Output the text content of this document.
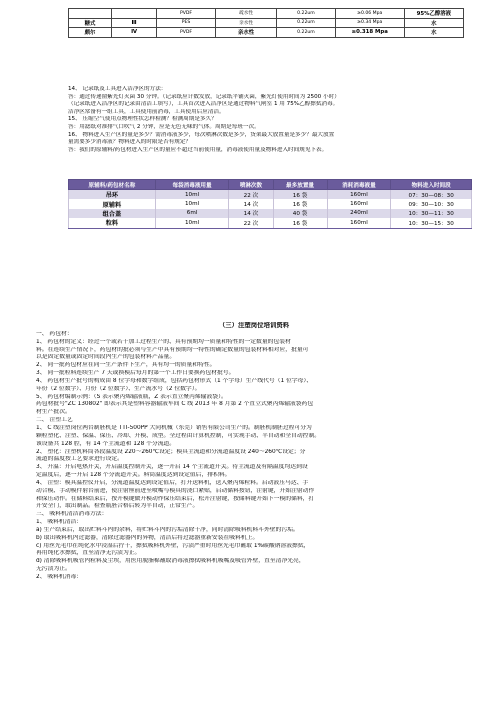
		PVDF	疏水性	0.22um	≥0.06 Mpa	95%乙醇溶液
糖式	Ⅲ	PES	亲水性	0.22um	≥0.34 Mpa	水
颇尔	Ⅳ	PVDF	亲水性	0.22um	≥0.318 Mpa	水
14、 记录纸及工具进入洁净区的方法：
答：通过传递窗紫光灯灭菌 30 分钟。（记录纸应计数发放，记录纸平铺灭菌，紫光灯使用时间为 2500 小时）
（记录纸进入洁净区的记录由清洁工填写），工具首次进入洁净区是通过物料气闸室 1 用 75%乙醇擦拭消毒。
洁净区常备有一组工具，工具使用前消毒，工具使用后应清洁。
15、 压缩空气使用点物理性状怎样检测？检测周期是多久？
答：用滤纸对准排气口吹气 2 分钟，应是无色无味的气体。周期是每班一次。
16、 物料进入生产区的量是多少？需消毒液多少，每次喷淋次数是多少，货架最大放置量是多少？最大放置
量需要多少消毒液？物料进入的时限是否有规定？
答：我们的原辅料/药包材进入生产区的量应不超过当前使用量，消毒液使用量及物料进入时间规见下表。
原辅料/药包材名称	每袋消毒液用量	喷淋次数	最多放置量	消耗消毒液量	物料进入时间段
吊环	10ml	22 次	16 袋	160ml	07：30—08：30
原辅料	10ml	14 次	16 袋	160ml	09：30—10：30
组合盖	6ml	14 次	40 袋	240ml	10：30—11：30
粒料	10ml	22 次	16 袋	160ml	10：30—15：30
（三）注塑岗位培训资料
一、 药包材：
1、 药包材的定义：经过一个或若干加工过程生产的、具有预期均一质量和特性的一定数量的包装材
料。在连续生产情况下，药包材的批必须与生产中具有预期均一特性的确定数量的包装材料相对应，批量可
以是固定数量或固定时间段内生产的包装材料产品量。
2、 同一批药包材应在同一生产条件下生产，具有均一的质量和特性。
3、 同一批粒料连续生产 7 天或换模后每月的第一个工作日要换药包材批号。
4、 药包材生产批号的构成由 8 位字母和数字组成，包括药包材形式（1 个字母）生产线代号（1 位字母）、
年份（2 位数字）、月份（2 位数字）、生产流水号（2 位数字）。
5、 药包材编制示例：（S 表示聚丙烯输液瓶，Z 表示直立聚丙烯输液袋）。
药包材批号"ZC 130802" 即表示其是塑料容器输液车间 C 线 2013 年 8 月第 2 个直立式聚丙烯输液袋药包
材生产批次。
二、 注塑工艺
1、 C 线注塑岗位两台制胚机是 TTI-500PP 大同机械（东莞）销售有限公司生产的。制胚机制胚过程可分为
颗粒塑化、注塑、保温、保压、冷却、开模、成型。全过程由计算机控制，可实现手动、半自动和全自动控制。
该设备共 128 腔，有 14 个主流道和 128 个分流道。
2、 塑化：注塑机料筒各段温度设 220～260℃设定；模具主流道和分流道温度设 240～260℃设定；分
流道的温度按工艺要求进行设定。
3、 升温：开启电热开关，开启温度控制开关，逐一开启 14 个主流道开关。待主流道及有隔温度均达到设
定温度后，逐一开启 128 个分流道开关。料筒温度达到设定值后，排积料。
4、 注塑：模具温控仪开启，分流道温度达到设定值后，打开送料机，送入聚丙烯粒料。启动液压马达、手
动合模、手动模件射台前进，使注射座前进至喷嘴与模具的浇口紧贴，启动储料按钮，注射键，开始注射动作
和保压动作。在储料结束后，按开模键做开模动作保压结束后，松开注射键，按储料键开始下一模的储料，打
开安全门，取出制品。检查瓶胚合格后转为半自动，正常生产。
三、 吸料机清洁消毒方法：
1、 吸料机清洁：
a) 生产结束后，取出贮料斗内的余料，将贮料斗内的污垢清除干净，同时清除吸料机料斗外壁的污垢。
b) 取出吸料机内过滤器，清除过滤器内的异物，清洁后将过滤器重新安装在吸料机上。
c) 用丝光毛巾在纯化水中浸湿后拧干，擦拭吸料机外壁，污渍严重时用丝光毛巾蘸取 1%碳酸钠溶液擦拭，
再用纯化水擦拭，直至清净无污渍为止。
d) 清除吸料机吸管内粒料及尘埃，用医用脱脂棉蘸取消毒液擦拭吸料机吸嘴及吸管外壁，直至清净光亮，
无污渍为止。
2、 吸料机消毒：
